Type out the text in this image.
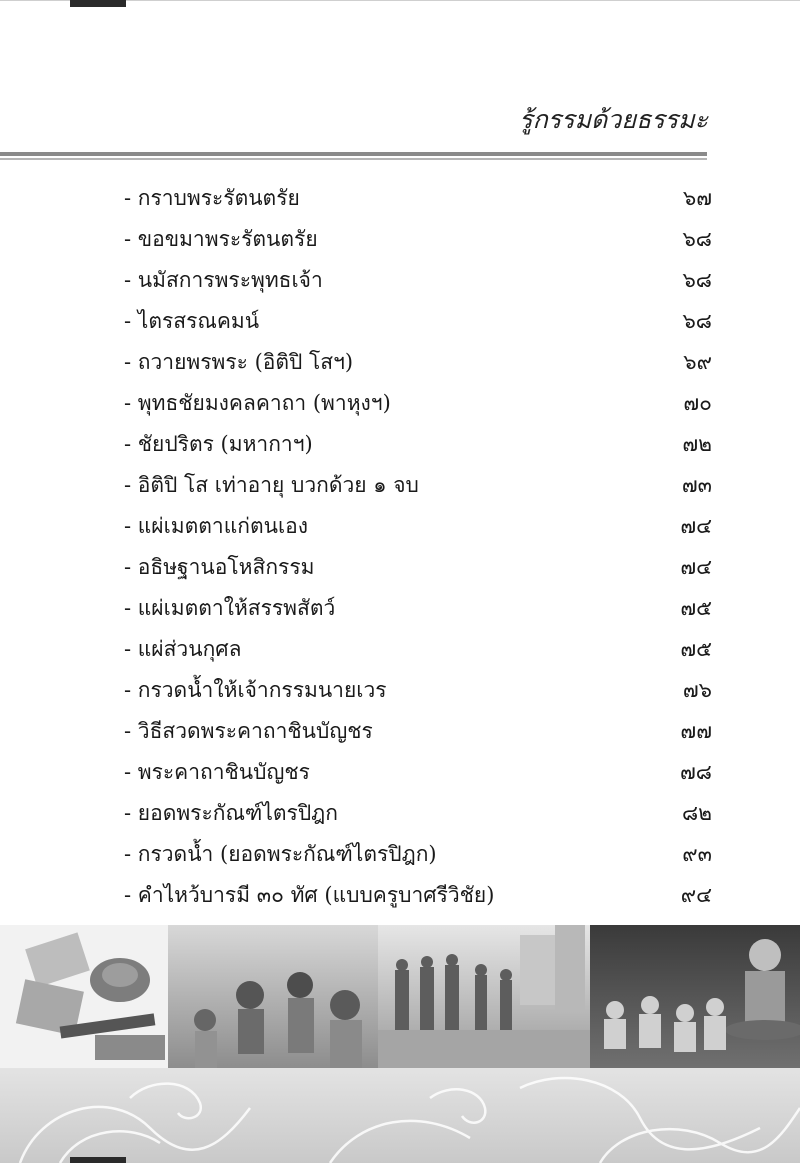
รู้กรรมด้วยธรรมะ
- กราบพระรัตนตรัย	๖๗
- ขอขมาพระรัตนตรัย	๖๘
- นมัสการพระพุทธเจ้า	๖๘
- ไตรสรณคมน์	๖๘
- ถวายพรพระ (อิติปิ โสฯ)	๖๙
- พุทธชัยมงคลคาถา (พาหุงฯ)	๗๐
- ชัยปริตร (มหากาฯ)	๗๒
- อิติปิ โส เท่าอายุ บวกด้วย ๑ จบ	๗๓
- แผ่เมตตาแก่ตนเอง	๗๔
- อธิษฐานอโหสิกรรม	๗๔
- แผ่เมตตาให้สรรพสัตว์	๗๕
- แผ่ส่วนกุศล	๗๕
- กรวดน้ำให้เจ้ากรรมนายเวร	๗๖
- วิธีสวดพระคาถาชินบัญชร	๗๗
- พระคาถาชินบัญชร	๗๘
- ยอดพระกัณฑ์ไตรปิฎก	๘๒
- กรวดน้ำ (ยอดพระกัณฑ์ไตรปิฎก)	๙๓
- คำไหว้บารมี ๓๐ ทัศ (แบบครูบาศรีวิชัย)	๙๔
